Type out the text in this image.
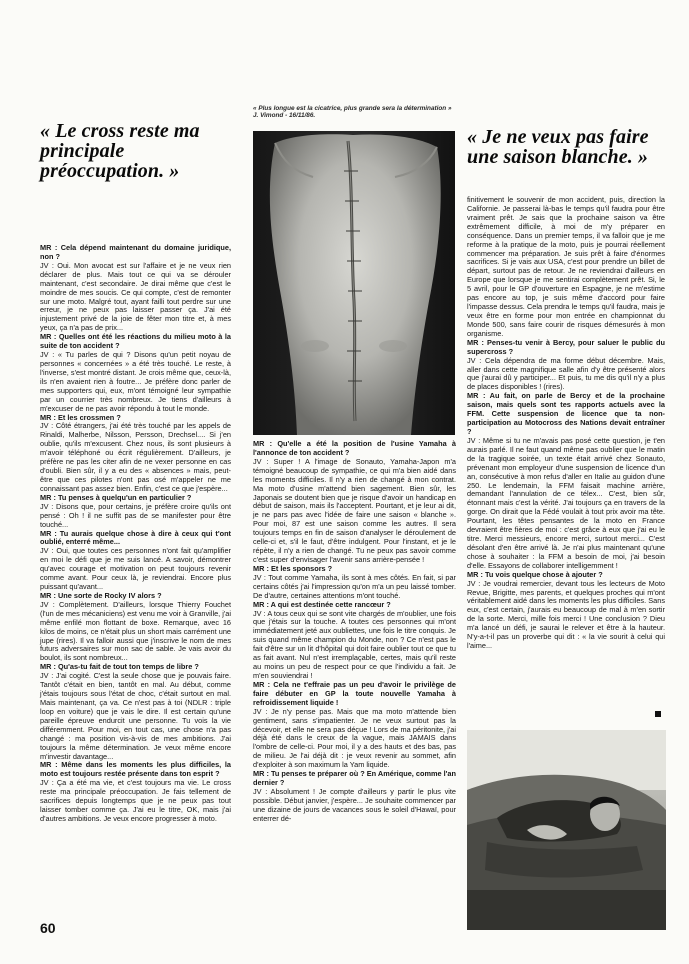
« Plus longue est la cicatrice, plus grande sera la détermination » J. Vimond - 16/11/86.
« Le cross reste ma principale préoccupation. »
« Je ne veux pas faire une saison blanche. »

MR : Cela dépend maintenant du domaine juridique, non ?

JV : Oui. Mon avocat est sur l'affaire et je ne veux rien déclarer de plus. Mais tout ce qui va se dérouler maintenant, c'est secondaire. Je dirai même que c'est le moindre de mes soucis. Ce qui compte, c'est de remonter sur une moto. Malgré tout, ayant failli tout perdre sur une erreur, je ne peux pas laisser passer ça. J'ai été injustement privé de la joie de fêter mon titre et, à mes yeux, ça n'a pas de prix...

MR : Quelles ont été les réactions du milieu moto à la suite de ton accident ?

JV : « Tu parles de qui ? Disons qu'un petit noyau de personnes « concernées » a été très touché. Le reste, à l'inverse, s'est montré distant. Je crois même que, ceux-là, ils n'en avaient rien à foutre... Je préfère donc parler de mes supporters qui, eux, m'ont témoigné leur sympathie par un courrier très nombreux. Je tiens d'ailleurs à m'excuser de ne pas avoir répondu à tout le monde.

MR : Et les crossmen ?

JV : Côté étrangers, j'ai été très touché par les appels de Rinaldi, Malherbe, Nilsson, Persson, Drechsel.... Si j'en oublie, qu'ils m'excusent. Chez nous, ils sont plusieurs à m'avoir téléphoné ou écrit régulièrement. D'ailleurs, je préfère ne pas les citer afin de ne vexer personne en cas d'oubli. Bien sûr, il y a eu des « absences » mais, peut-être que ces pilotes n'ont pas osé m'appeler ne me connaissant pas assez bien. Enfin, c'est ce que j'espère...

MR : Tu penses à quelqu'un en particulier ?

JV : Disons que, pour certains, je préfère croire qu'ils ont pensé : Oh ! il ne suffit pas de se manifester pour être touché...

MR : Tu aurais quelque chose à dire à ceux qui t'ont oublié, enterré même...

JV : Oui, que toutes ces personnes n'ont fait qu'amplifier en moi le défi que je me suis lancé. A savoir, démontrer qu'avec courage et motivation on peut toujours revenir comme avant. Pour ceux là, je reviendrai. Encore plus puissant qu'avant...

MR : Une sorte de Rocky IV alors ?

JV : Complètement. D'ailleurs, lorsque Thierry Fouchet (l'un de mes mécaniciens) est venu me voir à Granville, j'ai même enfilé mon flottant de boxe. Remarque, avec 16 kilos de moins, ce n'était plus un short mais carrément une jupe (rires). Il va falloir aussi que j'inscrive le nom de mes futurs adversaires sur mon sac de sable. Je vais avoir du boulot, ils sont nombreux...

MR : Qu'as-tu fait de tout ton temps de libre ?

JV : J'ai cogité. C'est la seule chose que je pouvais faire. Tantôt c'était en bien, tantôt en mal. Au début, comme j'étais toujours sous l'état de choc, c'était surtout en mal. Mais maintenant, ça va. Ce n'est pas à toi (NDLR : triple loop en voiture) que je vais le dire. Il est certain qu'une pareille épreuve endurcit une personne. Tu vois la vie différemment. Pour moi, en tout cas, une chose n'a pas changé : ma position vis-à-vis de mes ambitions. J'ai toujours la même détermination. Je veux même encore m'investir davantage...

MR : Même dans les moments les plus difficiles, la moto est toujours restée présente dans ton esprit ?

JV : Ça a été ma vie, et c'est toujours ma vie. Le cross reste ma principale préoccupation. Je fais tellement de sacrifices depuis longtemps que je ne peux pas tout laisser tomber comme ça. J'ai eu le titre, OK, mais j'ai d'autres ambitions. Je veux encore progresser à moto.

MR : Qu'elle a été la position de l'usine Yamaha à l'annonce de ton accident ?

JV : Super ! A l'image de Sonauto, Yamaha-Japon m'a témoigné beaucoup de sympathie, ce qui m'a bien aidé dans les moments difficiles. Il n'y a rien de changé à mon contrat. Ma moto d'usine m'attend bien sagement. Bien sûr, les Japonais se doutent bien que je risque d'avoir un handicap en début de saison, mais ils l'acceptent. Pourtant, et je leur ai dit, je ne pars pas avec l'idée de faire une saison « blanche ». Pour moi, 87 est une saison comme les autres. Il sera toujours temps en fin de saison d'analyser le déroulement de celle-ci et, s'il le faut, d'être indulgent. Pour l'instant, et je le répète, il n'y a rien de changé. Tu ne peux pas savoir comme c'est super d'envisager l'avenir sans arrière-pensée !

MR : Et les sponsors ?

JV : Tout comme Yamaha, ils sont à mes côtés. En fait, si par certains côtés j'ai l'impression qu'on m'a un peu laissé tomber. De d'autre, certaines attentions m'ont touché.

MR : A qui est destinée cette rancœur ?

JV : A tous ceux qui se sont vite chargés de m'oublier, une fois que j'étais sur la touche. A toutes ces personnes qui m'ont immédiatement jeté aux oubliettes, une fois le titre conquis. Je suis quand même champion du Monde, non ? Ce n'est pas le fait d'être sur un lit d'hôpital qui doit faire oublier tout ce que tu as fait avant. Nul n'est irremplaçable, certes, mais qu'il reste au moins un peu de respect pour ce que l'individu a fait. Je m'en souviendrai !

MR : Cela ne t'effraie pas un peu d'avoir le privilège de faire débuter en GP la toute nouvelle Yamaha à refroidissement liquide !

JV : Je n'y pense pas. Mais que ma moto m'attende bien gentiment, sans s'impatienter. Je ne veux surtout pas la décevoir, et elle ne sera pas déçue ! Lors de ma péritonite, j'ai déjà été dans le creux de la vague, mais JAMAIS dans l'ombre de celle-ci. Pour moi, il y a des hauts et des bas, pas de milieu. Je l'ai déjà dit : je veux revenir au sommet, afin d'exploiter à son maximum la Yam liquide.

MR : Tu penses te préparer où ? En Amérique, comme l'an dernier ?

JV : Absolument ! Je compte d'ailleurs y partir le plus vite possible. Début janvier, j'espère... Je souhaite commencer par une dizaine de jours de vacances sous le soleil d'Hawaï, pour enterrer dé-

finitivement le souvenir de mon accident, puis, direction la Californie. Je passerai là-bas le temps qu'il faudra pour être vraiment prêt. Je sais que la prochaine saison va être extrêmement difficile, à moi de m'y préparer en conséquence. Dans un premier temps, il va falloir que je me reforme à la pratique de la moto, puis je pourrai réellement commencer ma préparation. Je suis prêt à faire d'énormes sacrifices. Si je vais aux USA, c'est pour prendre un billet de départ, surtout pas de retour. Je ne reviendrai d'ailleurs en Europe que lorsque je me sentirai complètement prêt. Si, le 5 avril, pour le GP d'ouverture en Espagne, je ne m'estime pas encore au top, je suis même d'accord pour faire l'impasse dessus. Cela prendra le temps qu'il faudra, mais je veux être en forme pour mon entrée en championnat du Monde 500, sans faire courir de risques démesurés à mon organisme.

MR : Penses-tu venir à Bercy, pour saluer le public du supercross ?

JV : Cela dépendra de ma forme début décembre. Mais, aller dans cette magnifique salle afin d'y être présenté alors que j'aurai dû y participer... Et puis, tu me dis qu'il n'y a plus de places disponibles ! (rires).

MR : Au fait, on parle de Bercy et de la prochaine saison, mais quels sont tes rapports actuels avec la FFM. Cette suspension de licence que ta non-participation au Motocross des Nations devait entraîner ?

JV : Même si tu ne m'avais pas posé cette question, je t'en aurais parlé. Il ne faut quand même pas oublier que le matin de la tragique soirée, un texte était arrivé chez Sonauto, prévenant mon employeur d'une suspension de licence d'un an, consécutive à mon refus d'aller en Italie au guidon d'une 250. Le lendemain, la FFM faisait machine arrière, demandant l'annulation de ce télex... C'est, bien sûr, étonnant mais c'est la vérité. J'ai toujours ça en travers de la gorge. On dirait que la Fédé voulait à tout prix avoir ma tête. Pourtant, les têtes pensantes de la moto en France devraient être fières de moi : c'est grâce à eux que j'ai eu le titre. Merci messieurs, encore merci, surtout merci... C'est désolant d'en être arrivé là. Je n'ai plus maintenant qu'une chose à souhaiter : la FFM a besoin de moi, j'ai besoin d'elle. Essayons de collaborer intelligemment !

MR : Tu vois quelque chose à ajouter ?

JV : Je voudrai remercier, devant tous les lecteurs de Moto Revue, Brigitte, mes parents, et quelques proches qui m'ont véritablement aidé dans les moments les plus difficiles. Sans eux, c'est certain, j'aurais eu beaucoup de mal à m'en sortir de la sorte. Merci, mille fois merci ! Une conclusion ? Dieu m'a lancé un défi, je saurai le relever et être à la hauteur. N'y-a-t-il pas un proverbe qui dit : « la vie sourit à celui qui l'aime...

60
